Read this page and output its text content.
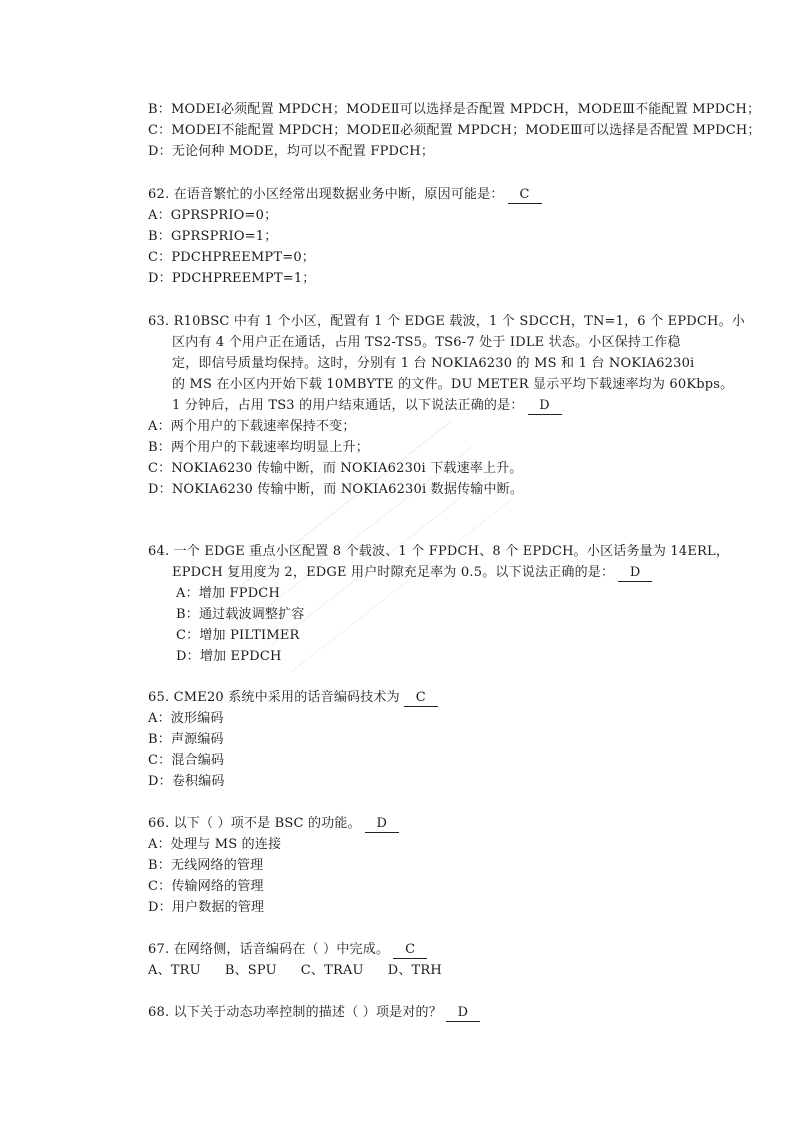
B：MODEⅠ必须配置 MPDCH；MODEⅡ可以选择是否配置 MPDCH，MODEⅢ不能配置 MPDCH；
C：MODEⅠ不能配置 MPDCH；MODEⅡ必须配置 MPDCH；MODEⅢ可以选择是否配置 MPDCH；
D：无论何种 MODE，均可以不配置 FPDCH；
62. 在语音繁忙的小区经常出现数据业务中断，原因可能是： C
A：GPRSPRIO=0；
B：GPRSPRIO=1；
C：PDCHPREEMPT=0；
D：PDCHPREEMPT=1；
63. R10BSC 中有 1 个小区，配置有 1 个 EDGE 载波，1 个 SDCCH，TN=1，6 个 EPDCH。小
区内有 4 个用户正在通话，占用 TS2-TS5。TS6-7 处于 IDLE 状态。小区保持工作稳
定，即信号质量均保持。这时，分别有 1 台 NOKIA6230 的 MS 和 1 台 NOKIA6230i
的 MS 在小区内开始下载 10MBYTE 的文件。DU METER 显示平均下载速率均为 60Kbps。
1 分钟后，占用 TS3 的用户结束通话，以下说法正确的是： D
A：两个用户的下载速率保持不变；
B：两个用户的下载速率均明显上升；
C：NOKIA6230 传输中断，而 NOKIA6230i 下载速率上升。
D：NOKIA6230 传输中断，而 NOKIA6230i 数据传输中断。
64. 一个 EDGE 重点小区配置 8 个载波、1 个 FPDCH、8 个 EPDCH。小区话务量为 14ERL，
EPDCH 复用度为 2，EDGE 用户时隙充足率为 0.5。以下说法正确的是： D
A：增加 FPDCH
B：通过载波调整扩容
C：增加 PILTIMER
D：增加 EPDCH
65. CME20 系统中采用的话音编码技术为 C
A：波形编码
B：声源编码
C：混合编码
D：卷积编码
66. 以下（ ）项不是 BSC 的功能。 D
A：处理与 MS 的连接
B：无线网络的管理
C：传输网络的管理
D：用户数据的管理
67. 在网络侧，话音编码在（ ）中完成。 C
A、TRU B、SPU C、TRAU D、TRH
68. 以下关于动态功率控制的描述（ ）项是对的？ D
